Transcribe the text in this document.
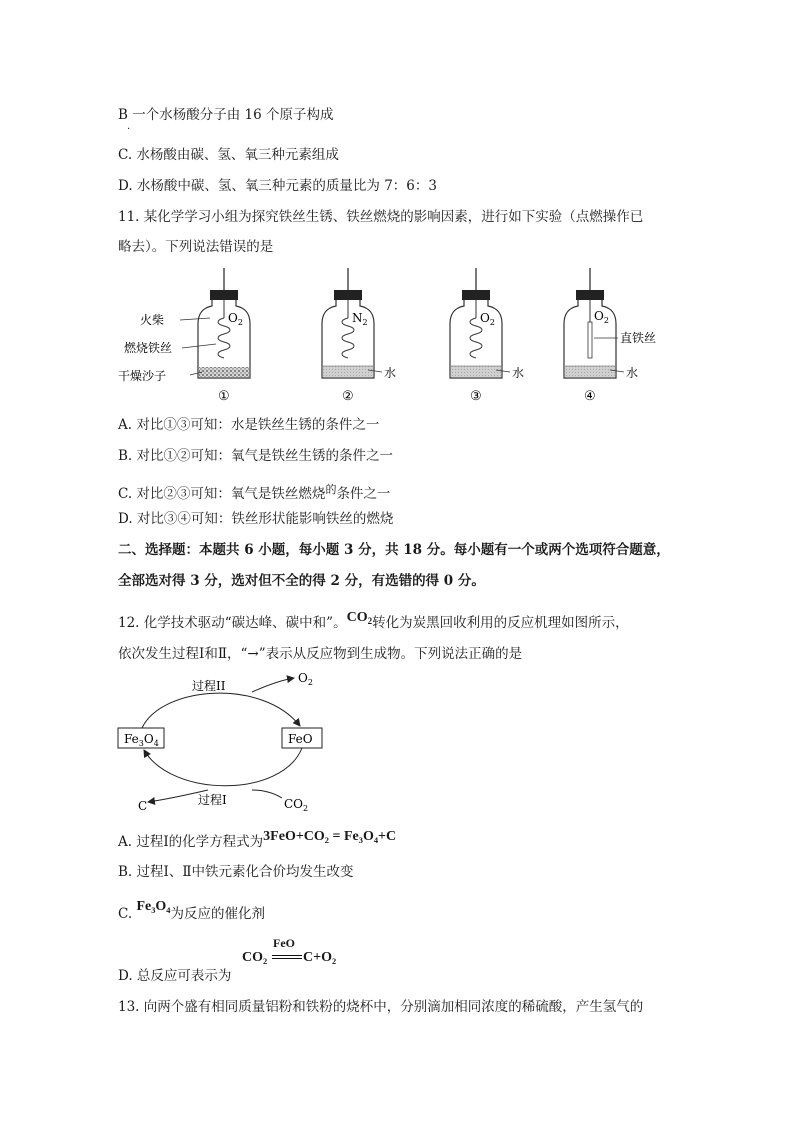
B 一个水杨酸分子由 16 个原子构成
·
C. 水杨酸由碳、氢、氧三种元素组成
D. 水杨酸中碳、氢、氧三种元素的质量比为 7：6：3
11. 某化学学习小组为探究铁丝生锈、铁丝燃烧的影响因素，进行如下实验（点燃操作已
略去）。下列说法错误的是
$O_2$
火柴
燃烧铁丝
干燥沙子
①
$N_2$
水
②
$O_2$
水
③
$O_2$
直铁丝
水
④
A. 对比①③可知：水是铁丝生锈的条件之一
B. 对比①②可知：氧气是铁丝生锈的条件之一
C. 对比②③可知：氧气是铁丝燃烧$^的$条件之一
D. 对比③④可知：铁丝形状能影响铁丝的燃烧
二、选择题：本题共 6 小题，每小题 3 分，共 18 分。每小题有一个或两个选项符合题意，
全部选对得 3 分，选对但不全的得 2 分，有选错的得 0 分。
12. 化学技术驱动“碳达峰、碳中和”。$CO_2$转化为炭黑回收利用的反应机理如图所示，
依次发生过程Ⅰ和Ⅱ，“→”表示从反应物到生成物。下列说法正确的是
$Fe_3O_4$	FeO
$O_2$
过程II
C	$CO_2$
过程I
A. 过程Ⅰ的化学方程式为3FeO+CO₂ = Fe₃O₄+C
B. 过程Ⅰ、Ⅱ中铁元素化合价均发生改变
C. Fe₃O₄为反应的催化剂
FeO
CO₂	C+O₂
D. 总反应可表示为
13. 向两个盛有相同质量铝粉和铁粉的烧杯中，分别滴加相同浓度的稀硫酸，产生氢气的
